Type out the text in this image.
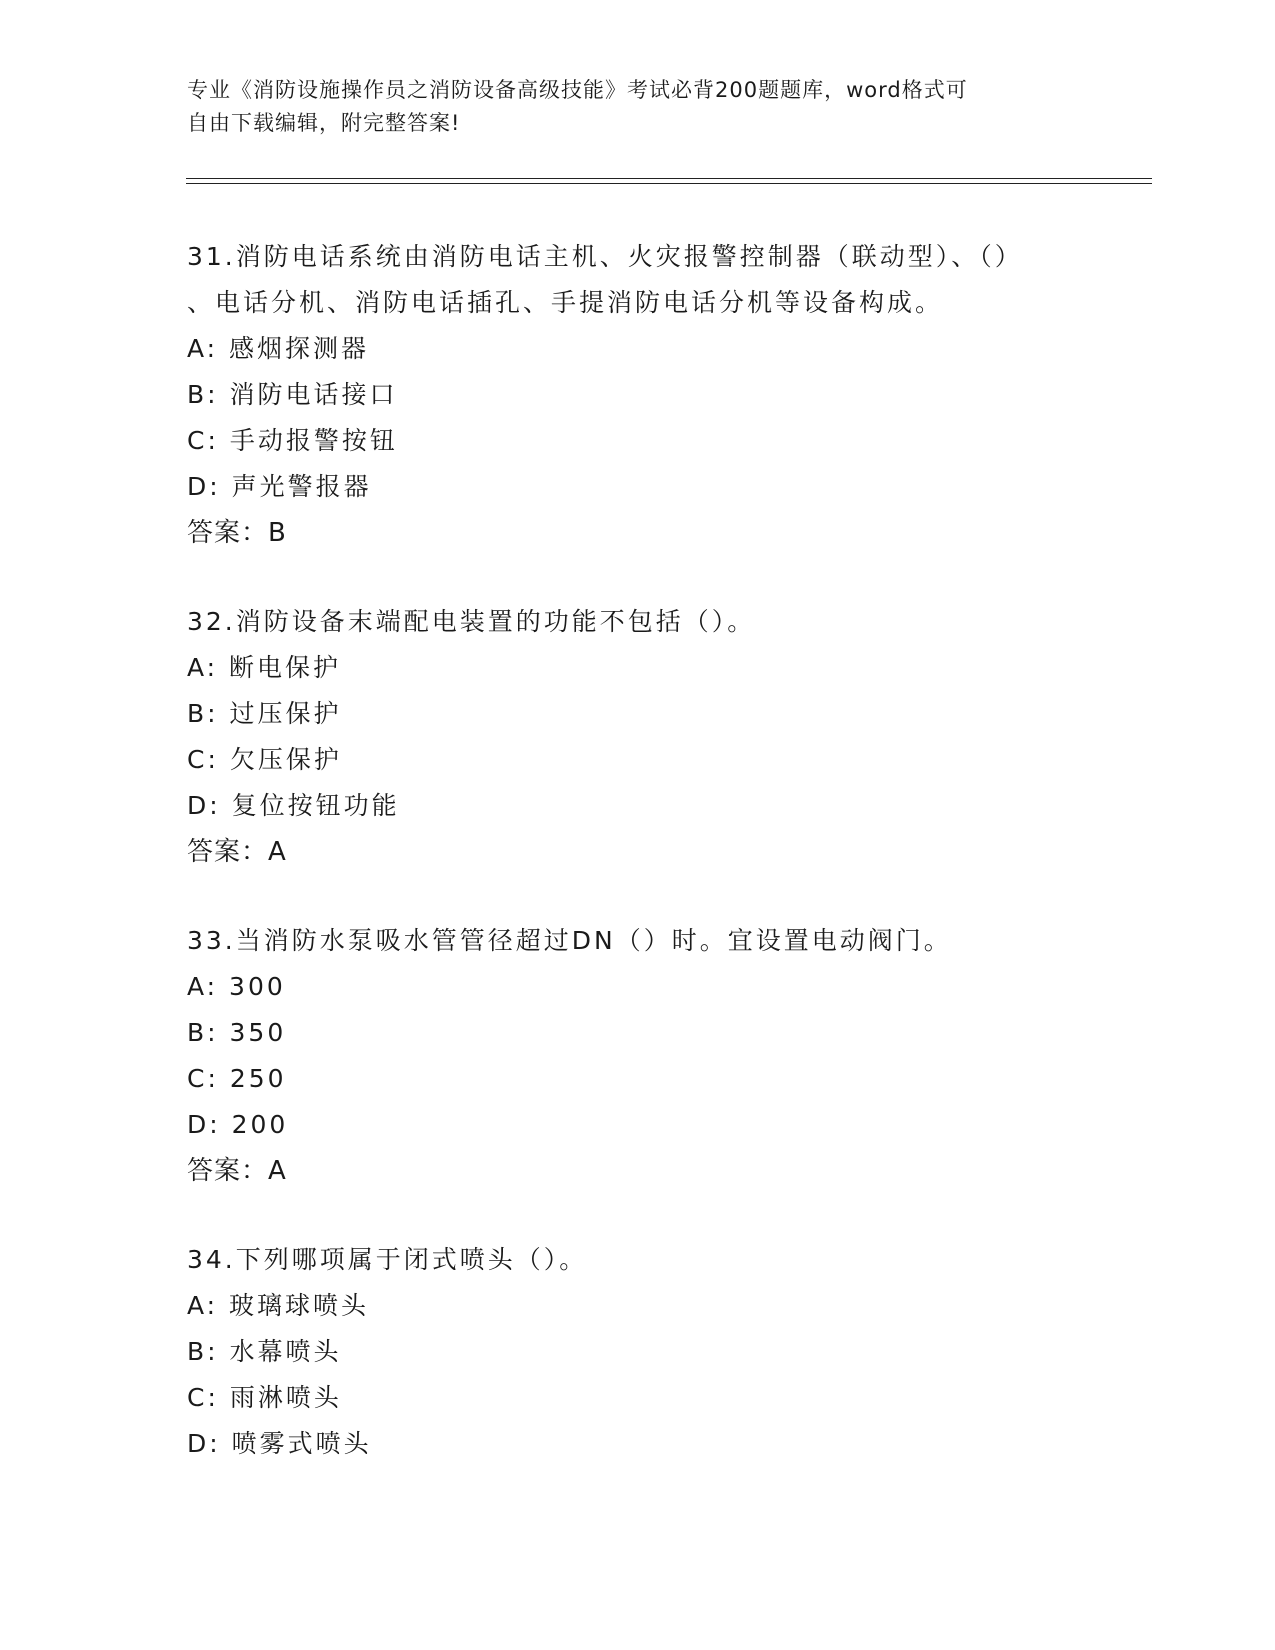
专业《消防设施操作员之消防设备高级技能》考试必背200题题库，word格式可
自由下载编辑，附完整答案!
31.消防电话系统由消防电话主机、火灾报警控制器（联动型）、（）
、电话分机、消防电话插孔、手提消防电话分机等设备构成。
A: 感烟探测器
B: 消防电话接口
C: 手动报警按钮
D: 声光警报器
答案：B
32.消防设备末端配电装置的功能不包括（）。
A: 断电保护
B: 过压保护
C: 欠压保护
D: 复位按钮功能
答案：A
33.当消防水泵吸水管管径超过DN（）时。宜设置电动阀门。
A: 300
B: 350
C: 250
D: 200
答案：A
34.下列哪项属于闭式喷头（）。
A: 玻璃球喷头
B: 水幕喷头
C: 雨淋喷头
D: 喷雾式喷头
